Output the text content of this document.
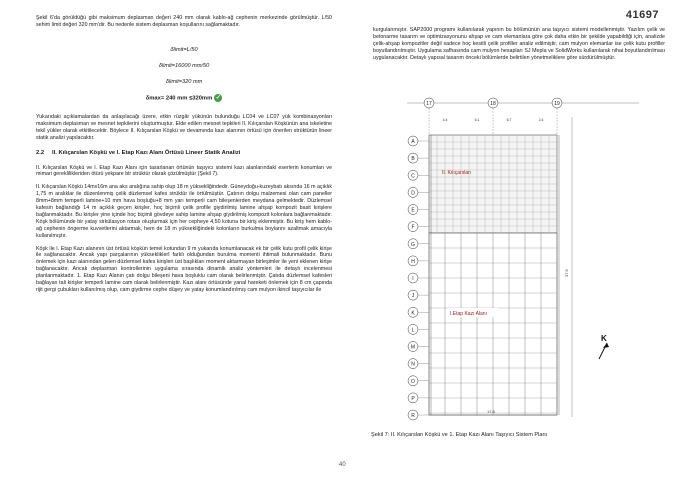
41697

Şekil 6'da görüldüğü gibi maksimum deplasman değeri 240 mm olarak kablo-ağ cephenin merkezinde görülmüştür. L/50 sehim limit değeri 320 mm'dir. Bu nedenle sistem deplasman koşullarını sağlamaktadır.

δlimit=L/50

δlimit=16000 mm/50

δlimit=320 mm

δmax= 240 mm ≤320mm ✓

Yukarıdaki açıklamalardan da anlaşılacağı üzere, etkin rüzgâr yükünün bulunduğu LC04 ve LC07 yük kombinasyonları maksimum deplasman ve mesnet tepkilerini oluşturmuştur. Elde edilen mesnet tepkileri II. Kılıçarslan Köşkünün ana iskeletine tekil yükler olarak etkitilecektir. Böylece II. Kılıçarslan Köşkü ve devamında kazı alanının örtüsü için önerilen strüktürün lineer statik analizi yapılacaktır.

2.2 II. Kılıçarslan Köşkü ve I. Etap Kazı Alanı Örtüsü Lineer Statik Analizi

II. Kılıçarslan Köşkü ve I. Etap Kazı Alanı için tasarlanan örtünün taşıyıcı sistemi kazı alanlarındaki eserlerin konumları ve mimari gereklilikleriden ötürü yekpare bir strüktür olarak çözülmüştür (Şekil 7).

II. Kılıçarslan Köşkü 14mx16m ana aks aralığına sahip olup 18 m yüksekliğindedir. Güneydoğu-kuzeybatı aksında 16 m açıklık 1,75 m aralıklar ile düzenlenmiş çelik düzlemsel kafes strüktür ile örtülmüştür. Çatının dolgu malzemesi olan cam paneller 8mm+8mm temperli lamine+10 mm hava boşluğu+8 mm yarı temperli cam bileşenlerden meydana gelmektedir. Düzlemsel kafesin bağlandığı 14 m açıklık geçen kirişler, hoç biçimli çelik profile giydirilmiş lamine ahşap kompozit basit kirişlere bağlanmaktadır. Bu kirişler yine içinde hoç biçimli gövdeye sahip lamine ahşap giydirilmiş kompozit kolonlara bağlanmaktadır. Köşk bölümünde bir yatay sirkülasyon rotası oluşturmak için her cepheye 4,50 kotuna bir kiriş eklenmiştir. Bu kiriş hem kablo-ağ cephenin öngerme kuvvetlerini aktarmak, hem de 18 m yüksekliğindeki kolonların burkulma boylarını azaltmak amacıyla kullanılmıştır.

Köşk ile I. Etap Kazı alanının üst örtüsü köşkün temel kotundan 9 m yukarıda konumlanacak ek bir çelik kutu profil çelik kirişe ile sağlanacaktır. Ancak yapı parçalarının yüksekliklerî farklı olduğundan burulma momenti ihtimali bulunmaktadır. Bunu önlemek için kazı alanından gelen düzlemsel kafes kirişleri üst başlıkları moment aktarmayan birleşimler ile yeni eklenen kirişe bağlanacaktır. Ancak deplasman kontrollerinin uygulama sırasında dinamik analiz yöntemleri ile detaylı incelenmesi planlanmaktadır. 1. Etap Kazı Alanın çatı dolgu bileşeni hava boşluklu cam olarak belirlenmiştir. Çatıda düzlemsel kafesleri bağlayan tali kirişler temperli lamine cam olarak belirlenmiştir. Kazı alanı örtüsünde yanal hareketi önlemek için 8 cm çapında rijit gergi çubukları kullanılmış olup, cam giydirme cephe düşey ve yatay konumlandırılmış cam mulyon ikincil taşıyıcılar ile

kurgulanmıştır. SAP2000 programı kullanılarak yapının bu bölümünün ana taşıyıcı sistemi modellenmiştir. Yazılım çelik ve betonarme tasarım ve optimizasyonunu ahşap ve cam elemanlara göre çok daha etkin bir şekilde yapabildiği için, analizde çelik-ahşap kompozitler değil sadece hoç kesitli çelik profiller analiz edilmiştir, cam mulyon elemanlar ise çelik kutu profiller boyutlandırılmıştır. Uygulama safhasında cam mulyon hesapları SJ Mepla ve SolidWorks kullanılarak nihai boyutlandırılması uygulanacaktır. Detaylı yapısal tasarım önceki bölümlerde belirtilen yönetmeliklere göre sürdürülmüştür.

17	18	19
A
B
C
D
E
F
G
H
I
J
K
L
M
N
O
P
R
4.4	6.1	6.7	2.4
II. Kılıçarslan
I.Etap Kazı Alanı
K
37.6
17.8
Şekil 7: II. Kılıçarslan Köşkü ve 1. Etap Kazı Alanı Taşıyıcı Sistem Planı
40
